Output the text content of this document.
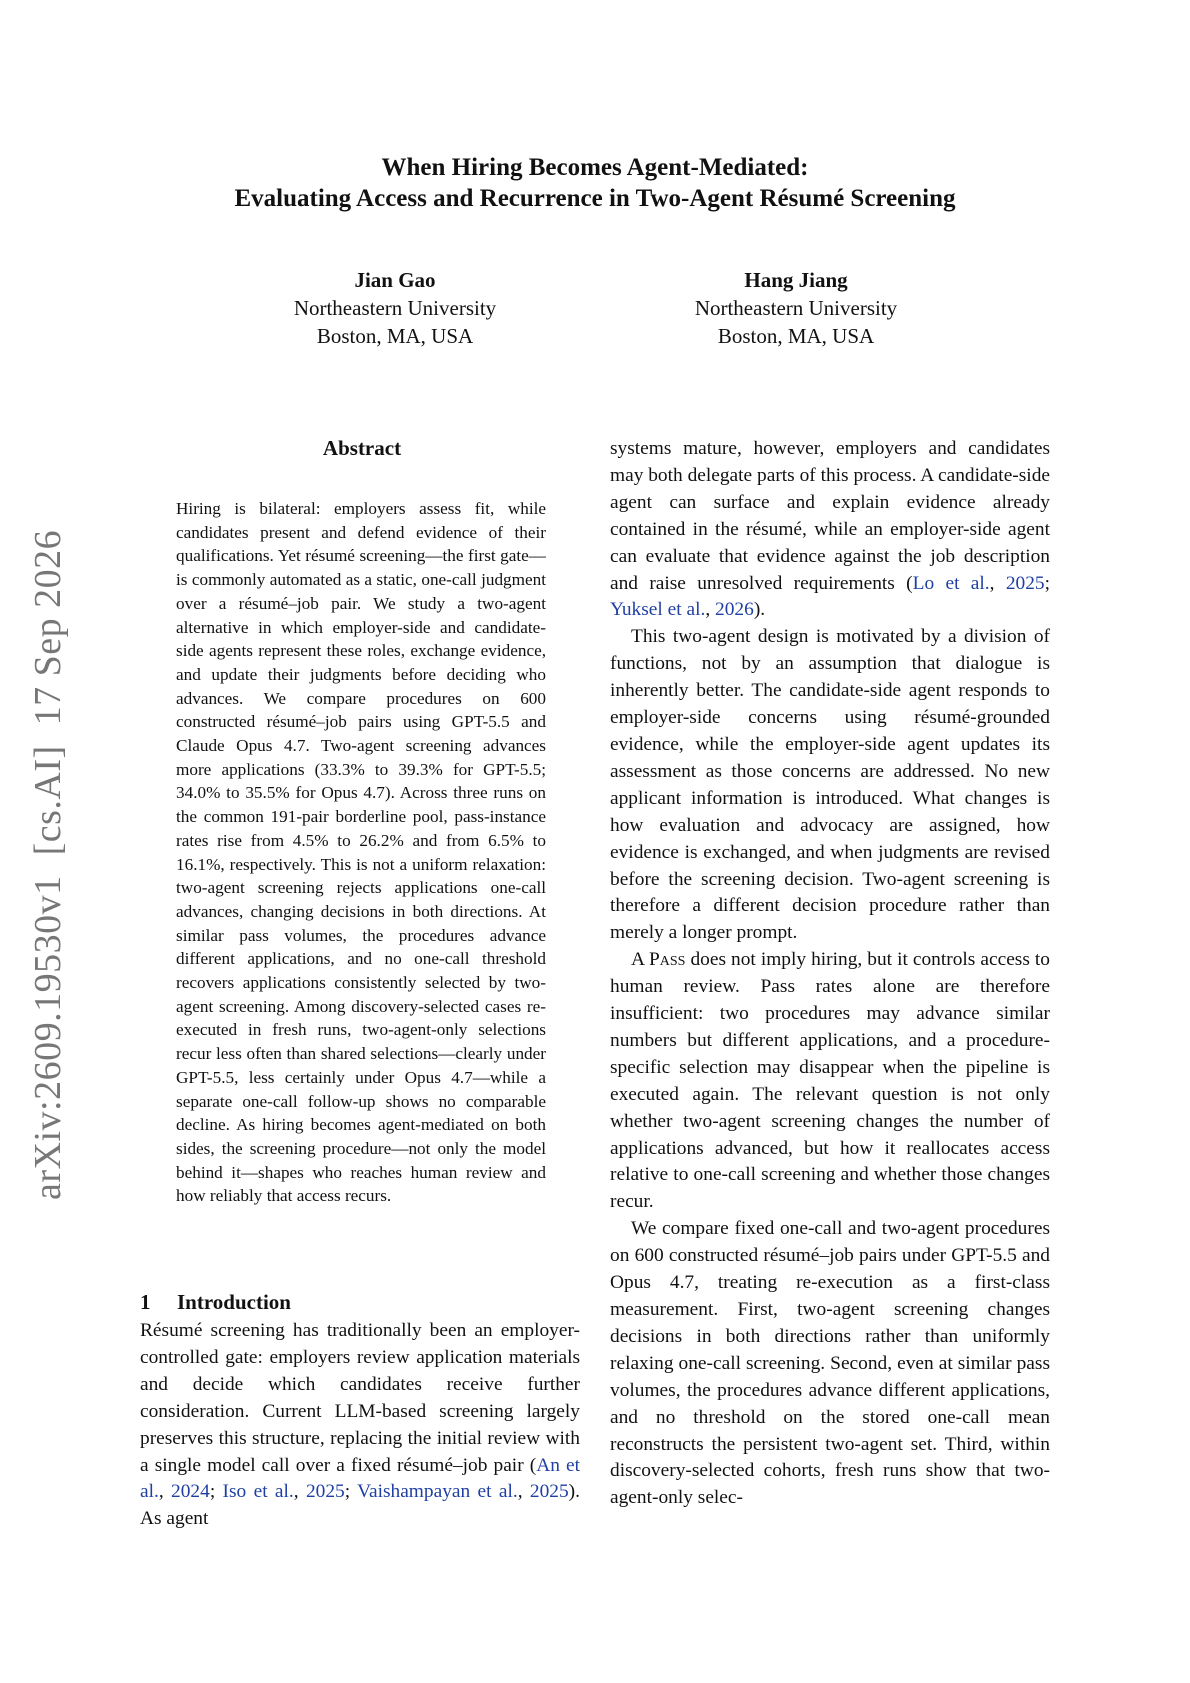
When Hiring Becomes Agent-Mediated:
Evaluating Access and Recurrence in Two-Agent Résumé Screening
Jian Gao
Northeastern University
Boston, MA, USA
Hang Jiang
Northeastern University
Boston, MA, USA
arXiv:2609.19530v1  [cs.AI]  17 Sep 2026
Abstract

Hiring is bilateral: employers assess fit, while candidates present and defend evidence of their qualifications. Yet résumé screening—the first gate—is commonly automated as a static, one-call judgment over a résumé–job pair. We study a two-agent alternative in which employer-side and candidate-side agents represent these roles, exchange evidence, and update their judgments before deciding who advances. We compare procedures on 600 constructed résumé–job pairs using GPT-5.5 and Claude Opus 4.7. Two-agent screening advances more applications (33.3% to 39.3% for GPT-5.5; 34.0% to 35.5% for Opus 4.7). Across three runs on the common 191-pair borderline pool, pass-instance rates rise from 4.5% to 26.2% and from 6.5% to 16.1%, respectively. This is not a uniform relaxation: two-agent screening rejects applications one-call advances, changing decisions in both directions. At similar pass volumes, the procedures advance different applications, and no one-call threshold recovers applications consistently selected by two-agent screening. Among discovery-selected cases re-executed in fresh runs, two-agent-only selections recur less often than shared selections—clearly under GPT-5.5, less certainly under Opus 4.7—while a separate one-call follow-up shows no comparable decline. As hiring becomes agent-mediated on both sides, the screening procedure—not only the model behind it—shapes who reaches human review and how reliably that access recurs.

1 Introduction

Résumé screening has traditionally been an employer-controlled gate: employers review application materials and decide which candidates receive further consideration. Current LLM-based screening largely preserves this structure, replacing the initial review with a single model call over a fixed résumé–job pair (An et al., 2024; Iso et al., 2025; Vaishampayan et al., 2025). As agent

systems mature, however, employers and candidates may both delegate parts of this process. A candidate-side agent can surface and explain evidence already contained in the résumé, while an employer-side agent can evaluate that evidence against the job description and raise unresolved requirements (Lo et al., 2025; Yuksel et al., 2026).

This two-agent design is motivated by a division of functions, not by an assumption that dialogue is inherently better. The candidate-side agent responds to employer-side concerns using résumé-grounded evidence, while the employer-side agent updates its assessment as those concerns are addressed. No new applicant information is introduced. What changes is how evaluation and advocacy are assigned, how evidence is exchanged, and when judgments are revised before the screening decision. Two-agent screening is therefore a different decision procedure rather than merely a longer prompt.

A Pass does not imply hiring, but it controls access to human review. Pass rates alone are therefore insufficient: two procedures may advance similar numbers but different applications, and a procedure-specific selection may disappear when the pipeline is executed again. The relevant question is not only whether two-agent screening changes the number of applications advanced, but how it reallocates access relative to one-call screening and whether those changes recur.

We compare fixed one-call and two-agent procedures on 600 constructed résumé–job pairs under GPT-5.5 and Opus 4.7, treating re-execution as a first-class measurement. First, two-agent screening changes decisions in both directions rather than uniformly relaxing one-call screening. Second, even at similar pass volumes, the procedures advance different applications, and no threshold on the stored one-call mean reconstructs the persistent two-agent set. Third, within discovery-selected cohorts, fresh runs show that two-agent-only selec-
